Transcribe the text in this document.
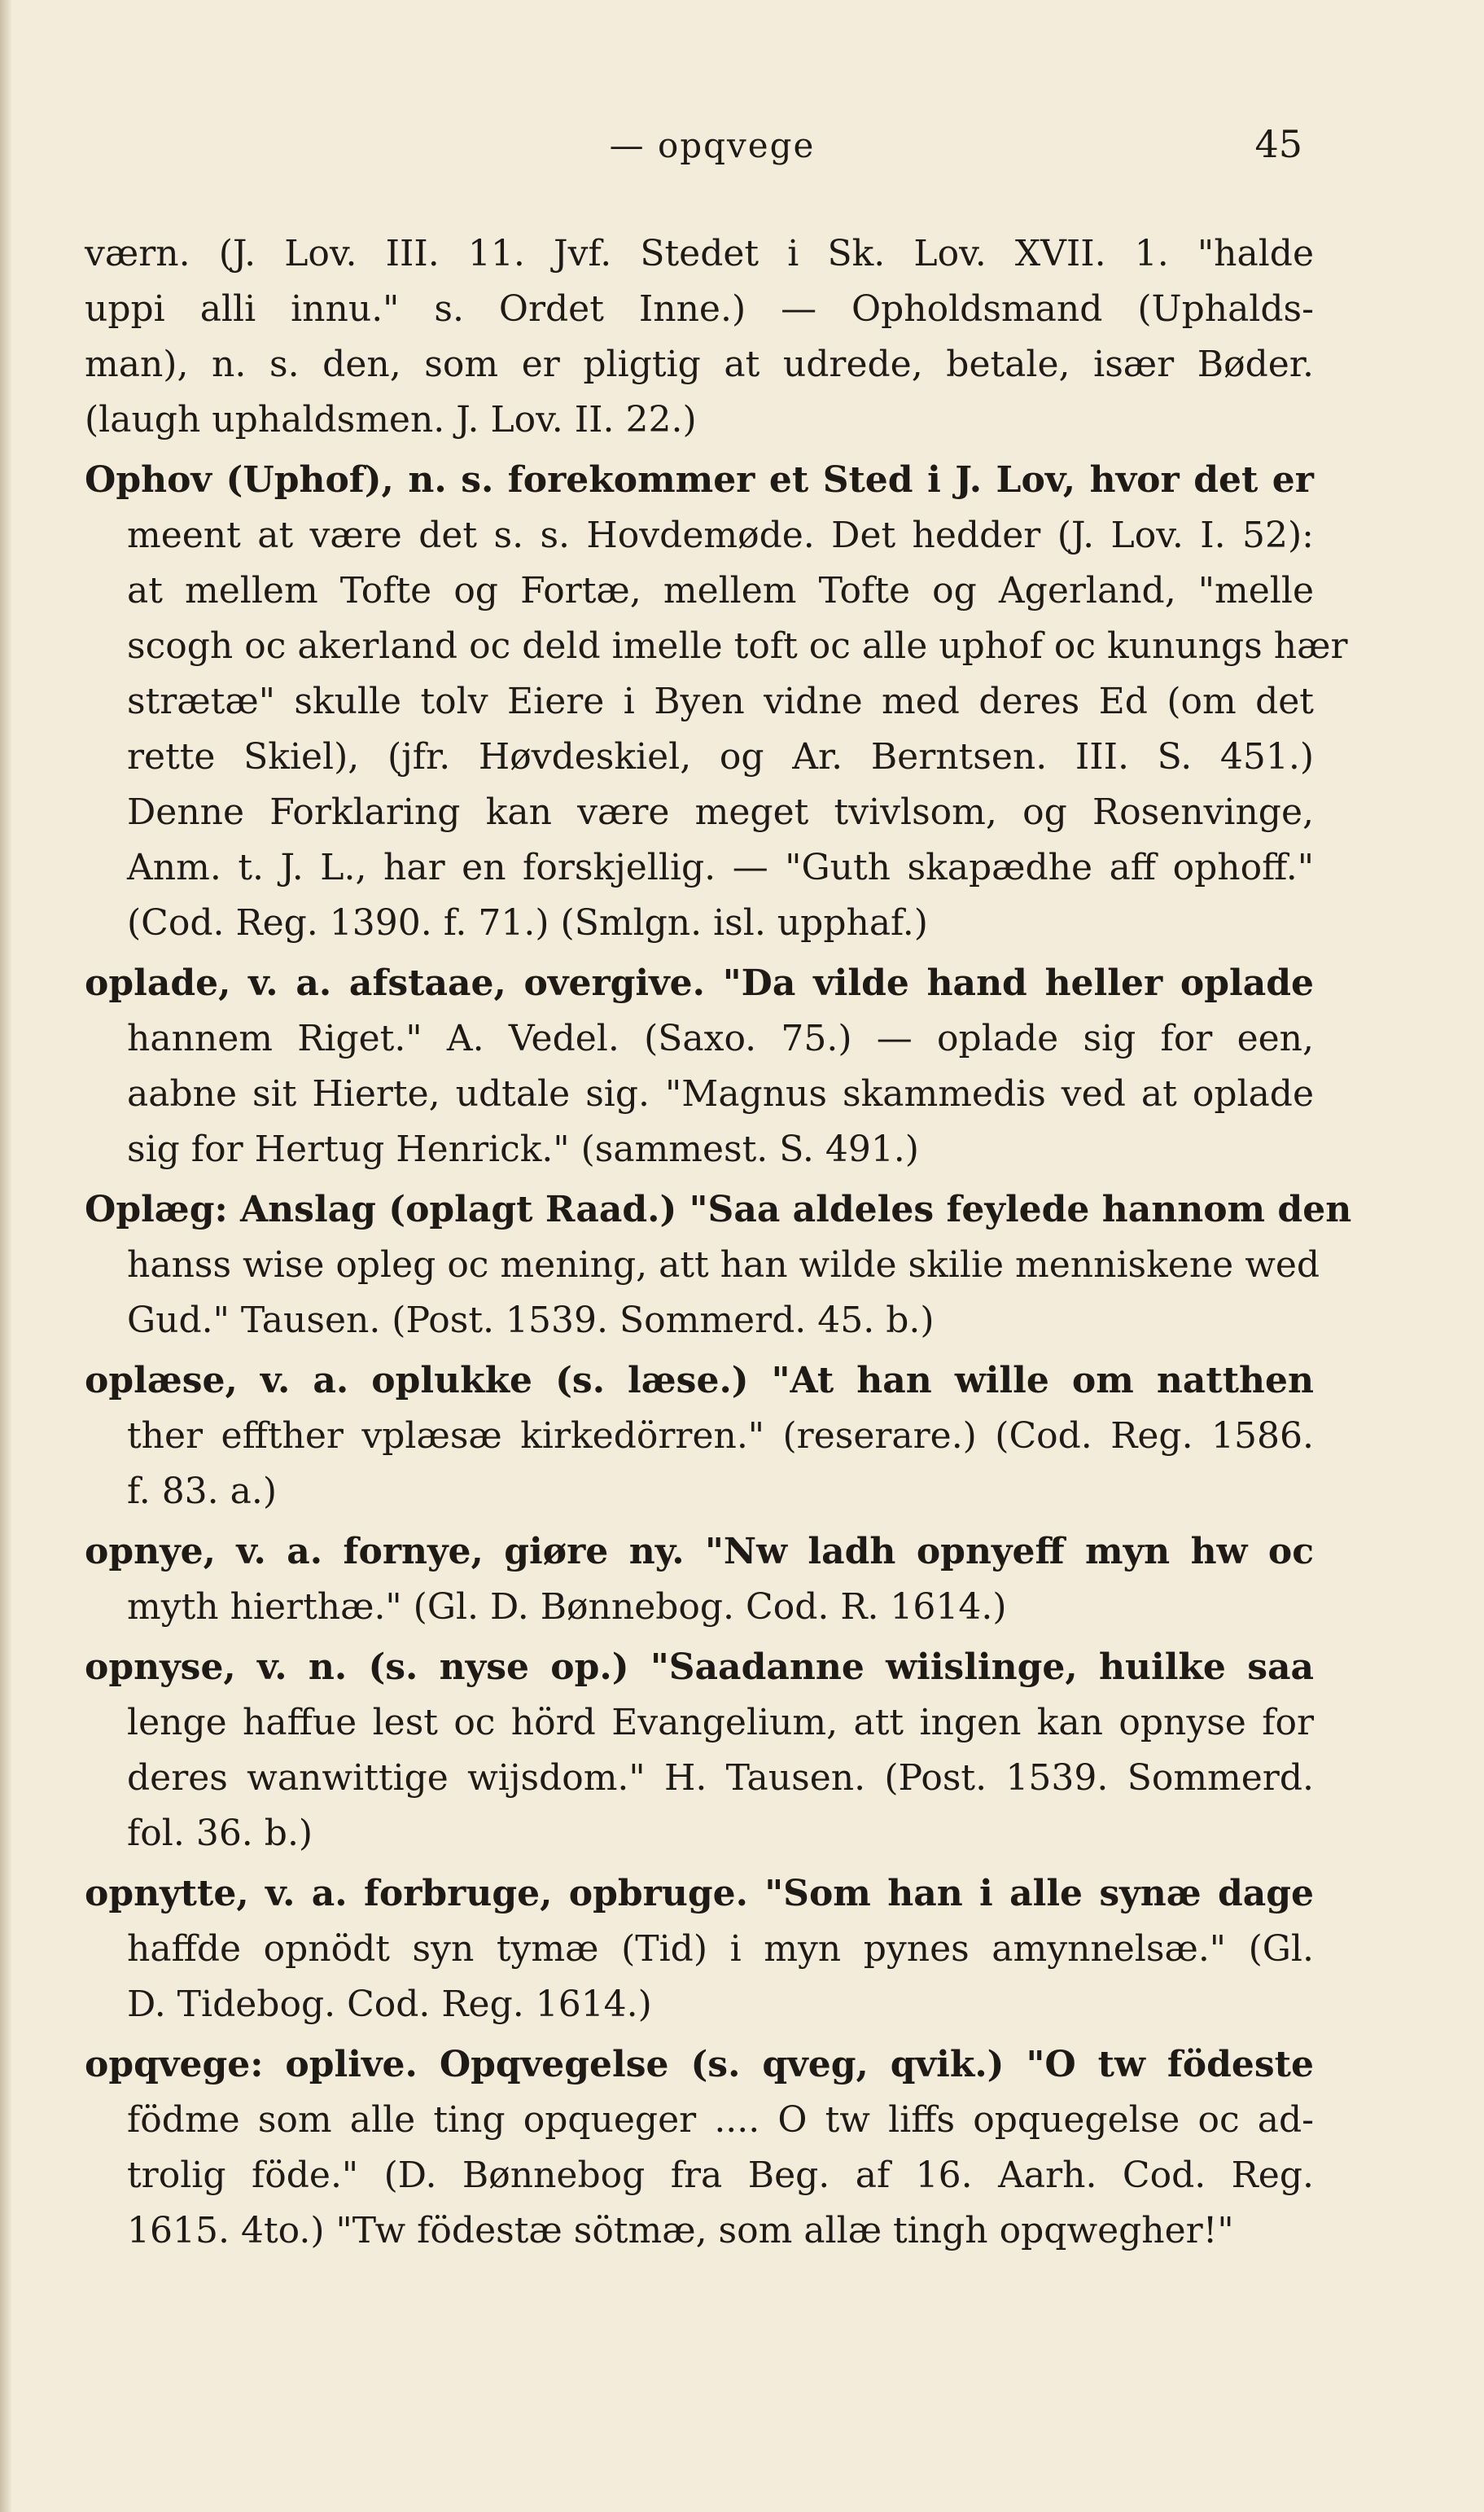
— opqvege	45
værn. (J. Lov. III. 11. Jvf. Stedet i Sk. Lov. XVII. 1. "halde
uppi alli innu." s. Ordet Inne.) — Opholdsmand (Uphalds-
man), n. s. den, som er pligtig at udrede, betale, især Bøder.
(laugh uphaldsmen. J. Lov. II. 22.)
Ophov (Uphof), n. s. forekommer et Sted i J. Lov, hvor det er
meent at være det s. s. Hovdemøde. Det hedder (J. Lov. I. 52):
at mellem Tofte og Fortæ, mellem Tofte og Agerland, "melle
scogh oc akerland oc deld imelle toft oc alle uphof oc kunungs hær
strætæ" skulle tolv Eiere i Byen vidne med deres Ed (om det
rette Skiel), (jfr. Høvdeskiel, og Ar. Berntsen. III. S. 451.)
Denne Forklaring kan være meget tvivlsom, og Rosenvinge,
Anm. t. J. L., har en forskjellig. — "Guth skapædhe aff ophoff."
(Cod. Reg. 1390. f. 71.) (Smlgn. isl. upphaf.)
oplade, v. a. afstaae, overgive. "Da vilde hand heller oplade
hannem Riget." A. Vedel. (Saxo. 75.) — oplade sig for een,
aabne sit Hierte, udtale sig. "Magnus skammedis ved at oplade
sig for Hertug Henrick." (sammest. S. 491.)
Oplæg: Anslag (oplagt Raad.) "Saa aldeles feylede hannom den
hanss wise opleg oc mening, att han wilde skilie menniskene wed
Gud." Tausen. (Post. 1539. Sommerd. 45. b.)
oplæse, v. a. oplukke (s. læse.) "At han wille om natthen
ther effther vplæsæ kirkedörren." (reserare.) (Cod. Reg. 1586.
f. 83. a.)
opnye, v. a. fornye, giøre ny. "Nw ladh opnyeff myn hw oc
myth hierthæ." (Gl. D. Bønnebog. Cod. R. 1614.)
opnyse, v. n. (s. nyse op.) "Saadanne wiislinge, huilke saa
lenge haffue lest oc hörd Evangelium, att ingen kan opnyse for
deres wanwittige wijsdom." H. Tausen. (Post. 1539. Sommerd.
fol. 36. b.)
opnytte, v. a. forbruge, opbruge. "Som han i alle synæ dage
haffde opnödt syn tymæ (Tid) i myn pynes amynnelsæ." (Gl.
D. Tidebog. Cod. Reg. 1614.)
opqvege: oplive. Opqvegelse (s. qveg, qvik.) "O tw födeste
födme som alle ting opqueger .... O tw liffs opquegelse oc ad-
trolig föde." (D. Bønnebog fra Beg. af 16. Aarh. Cod. Reg.
1615. 4to.) "Tw födestæ sötmæ, som allæ tingh opqwegher!"
